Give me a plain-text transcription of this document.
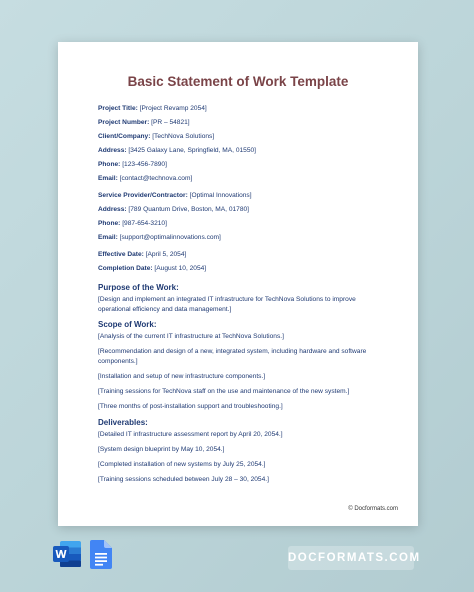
Basic Statement of Work Template
Project Title: [Project Revamp 2054]
Project Number: [PR – 54821]
Client/Company: [TechNova Solutions]
Address: [3425 Galaxy Lane, Springfield, MA, 01550]
Phone: [123-456-7890]
Email: [contact@technova.com]
Service Provider/Contractor: [Optimal Innovations]
Address: [789 Quantum Drive, Boston, MA, 01780]
Phone: [987-654-3210]
Email: [support@optimalinnovations.com]
Effective Date: [April 5, 2054]
Completion Date: [August 10, 2054]
Purpose of the Work:
[Design and implement an integrated IT infrastructure for TechNova Solutions to improve operational efficiency and data management.]
Scope of Work:
[Analysis of the current IT infrastructure at TechNova Solutions.]
[Recommendation and design of a new, integrated system, including hardware and software components.]
[Installation and setup of new infrastructure components.]
[Training sessions for TechNova staff on the use and maintenance of the new system.]
[Three months of post-installation support and troubleshooting.]
Deliverables:
[Detailed IT infrastructure assessment report by April 20, 2054.]
[System design blueprint by May 10, 2054.]
[Completed installation of new systems by July 25, 2054.]
[Training sessions scheduled between July 28 – 30, 2054.]
© Docformats.com
DOCFORMATS.COM
